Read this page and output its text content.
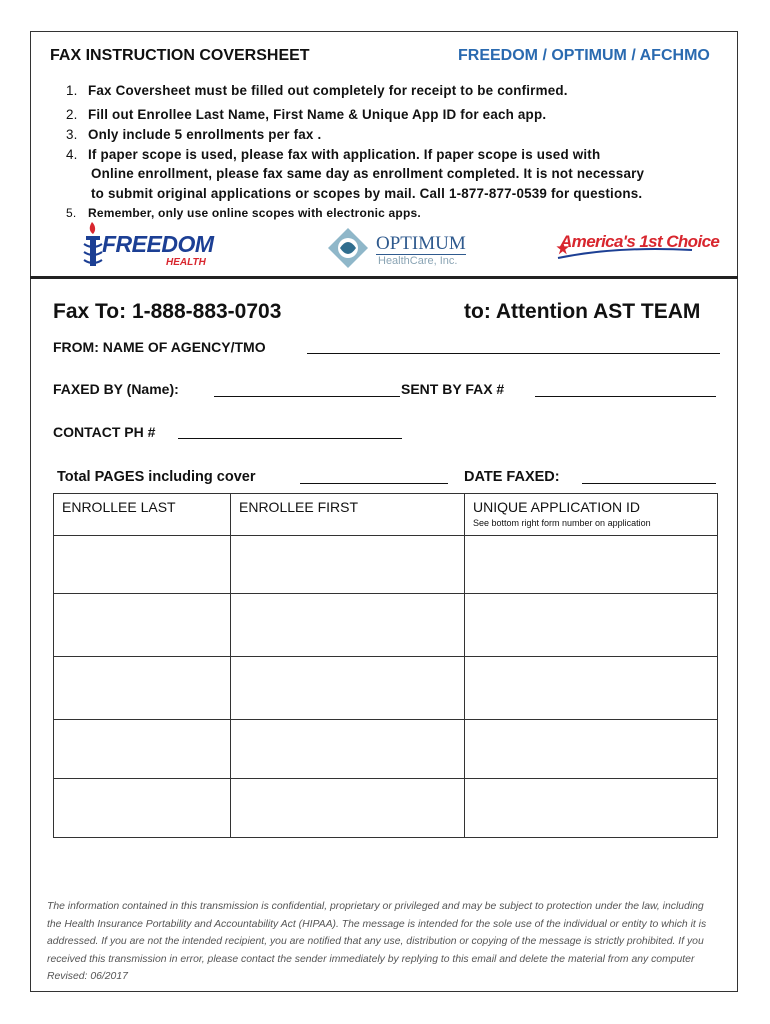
FAX INSTRUCTION COVERSHEET	FREEDOM / OPTIMUM / AFCHMO
1. Fax Coversheet must be filled out completely for receipt to be confirmed.
2. Fill out Enrollee Last Name, First Name & Unique App ID for each app.
3. Only include 5 enrollments per fax .
4. If paper scope is used, please fax with application. If paper scope is used with
Online enrollment, please fax same day as enrollment completed. It is not necessary
to submit original applications or scopes by mail. Call 1-877-877-0539 for questions.
5. Remember, only use online scopes with electronic apps.
FREEDOM
HEALTH
OPTIMUM
HealthCare, Inc.
America's 1st Choice
Fax To: 1-888-883-0703	to: Attention AST TEAM
FROM: NAME OF AGENCY/TMO
FAXED BY (Name):	SENT BY FAX #
CONTACT PH #
Total PAGES including cover	DATE FAXED:
ENROLLEE LAST	ENROLLEE FIRST	UNIQUE APPLICATION ID
See bottom right form number on application

The information contained in this transmission is confidential, proprietary or privileged and may be subject to protection under the law, including the Health Insurance Portability and Accountability Act (HIPAA). The message is intended for the sole use of the individual or entity to which it is addressed. If you are not the intended recipient, you are notified that any use, distribution or copying of the message is strictly prohibited. If you received this transmission in error, please contact the sender immediately by replying to this email and delete the material from any computer Revised: 06/2017
